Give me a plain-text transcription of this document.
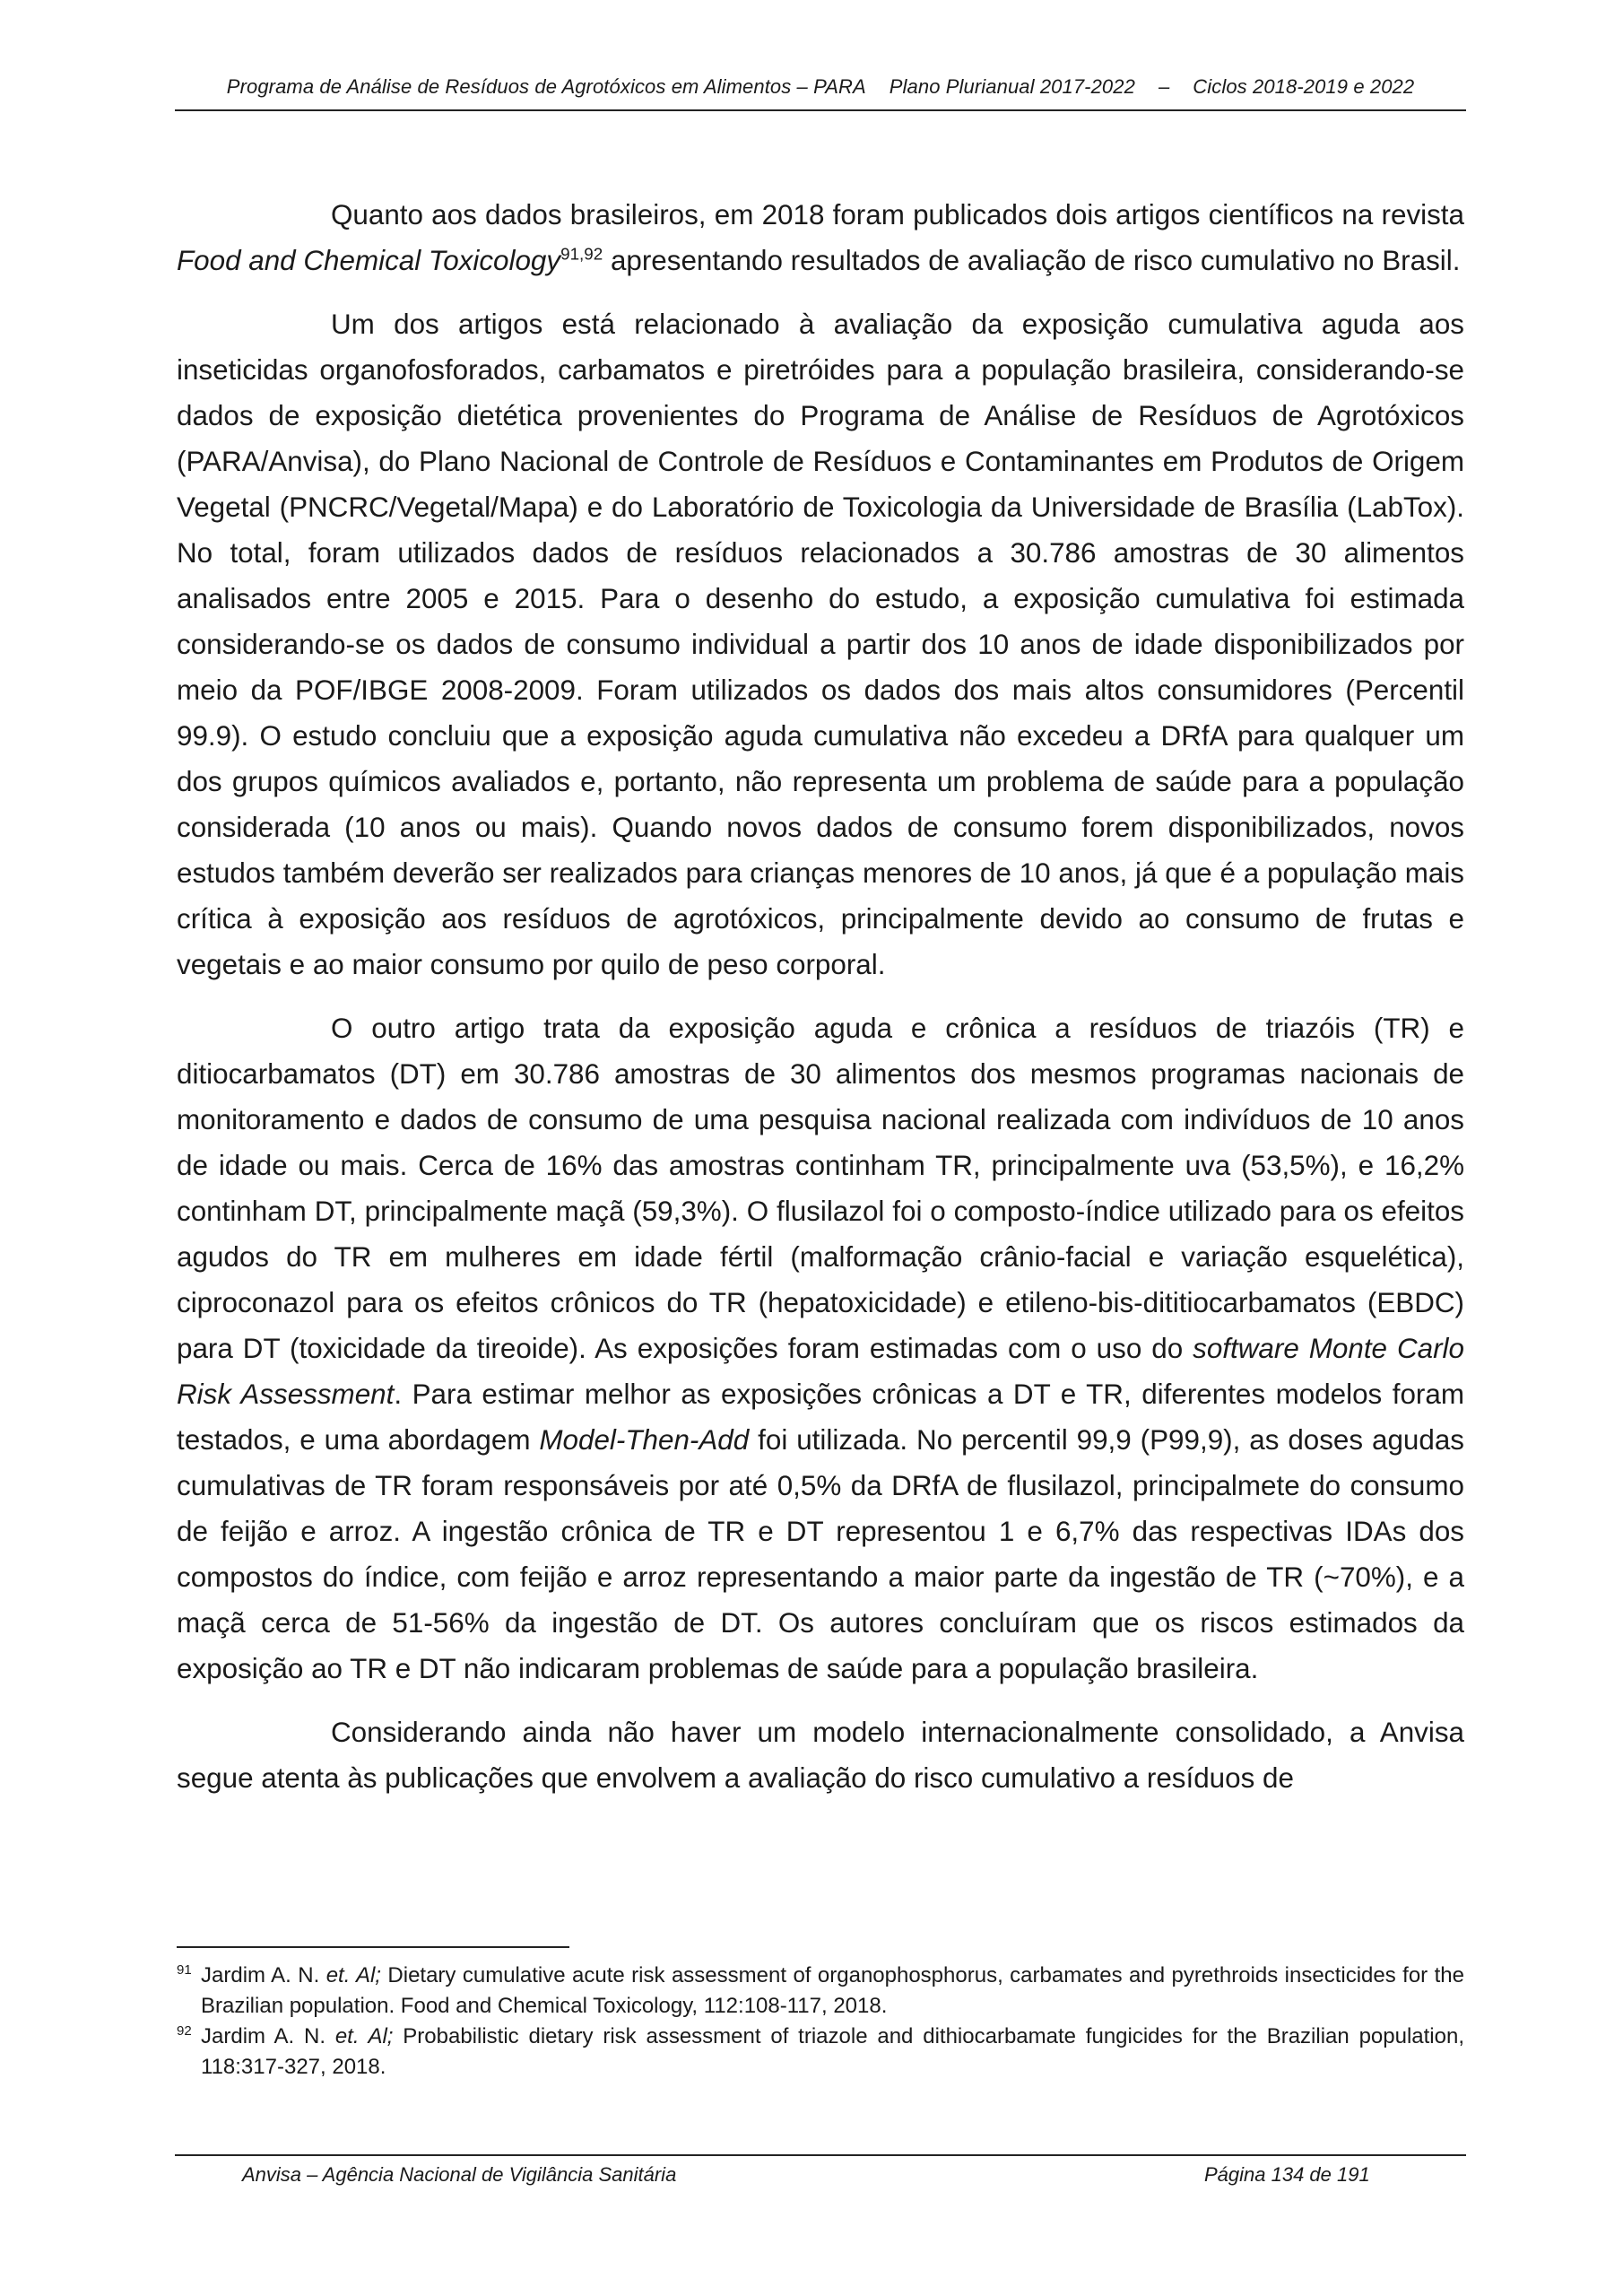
Programa de Análise de Resíduos de Agrotóxicos em Alimentos – PARA Plano Plurianual 2017-2022 – Ciclos 2018-2019 e 2022

Quanto aos dados brasileiros, em 2018 foram publicados dois artigos científicos na revista Food and Chemical Toxicology$^{91,92}$ apresentando resultados de avaliação de risco cumulativo no Brasil.

Um dos artigos está relacionado à avaliação da exposição cumulativa aguda aos inseticidas organofosforados, carbamatos e piretróides para a população brasileira, considerando-se dados de exposição dietética provenientes do Programa de Análise de Resíduos de Agrotóxicos (PARA/Anvisa), do Plano Nacional de Controle de Resíduos e Contaminantes em Produtos de Origem Vegetal (PNCRC/Vegetal/Mapa) e do Laboratório de Toxicologia da Universidade de Brasília (LabTox). No total, foram utilizados dados de resíduos relacionados a 30.786 amostras de 30 alimentos analisados entre 2005 e 2015. Para o desenho do estudo, a exposição cumulativa foi estimada considerando-se os dados de consumo individual a partir dos 10 anos de idade disponibilizados por meio da POF/IBGE 2008-2009. Foram utilizados os dados dos mais altos consumidores (Percentil 99.9). O estudo concluiu que a exposição aguda cumulativa não excedeu a DRfA para qualquer um dos grupos químicos avaliados e, portanto, não representa um problema de saúde para a população considerada (10 anos ou mais). Quando novos dados de consumo forem disponibilizados, novos estudos também deverão ser realizados para crianças menores de 10 anos, já que é a população mais crítica à exposição aos resíduos de agrotóxicos, principalmente devido ao consumo de frutas e vegetais e ao maior consumo por quilo de peso corporal.

O outro artigo trata da exposição aguda e crônica a resíduos de triazóis (TR) e ditiocarbamatos (DT) em 30.786 amostras de 30 alimentos dos mesmos programas nacionais de monitoramento e dados de consumo de uma pesquisa nacional realizada com indivíduos de 10 anos de idade ou mais. Cerca de 16% das amostras continham TR, principalmente uva (53,5%), e 16,2% continham DT, principalmente maçã (59,3%). O flusilazol foi o composto-índice utilizado para os efeitos agudos do TR em mulheres em idade fértil (malformação crânio-facial e variação esquelética), ciproconazol para os efeitos crônicos do TR (hepatoxicidade) e etileno-bis-dititiocarbamatos (EBDC) para DT (toxicidade da tireoide). As exposições foram estimadas com o uso do software Monte Carlo Risk Assessment. Para estimar melhor as exposições crônicas a DT e TR, diferentes modelos foram testados, e uma abordagem Model-Then-Add foi utilizada. No percentil 99,9 (P99,9), as doses agudas cumulativas de TR foram responsáveis por até 0,5% da DRfA de flusilazol, principalmete do consumo de feijão e arroz. A ingestão crônica de TR e DT representou 1 e 6,7% das respectivas IDAs dos compostos do índice, com feijão e arroz representando a maior parte da ingestão de TR (~70%), e a maçã cerca de 51-56% da ingestão de DT. Os autores concluíram que os riscos estimados da exposição ao TR e DT não indicaram problemas de saúde para a população brasileira.

Considerando ainda não haver um modelo internacionalmente consolidado, a Anvisa segue atenta às publicações que envolvem a avaliação do risco cumulativo a resíduos de

91 Jardim A. N. et. Al; Dietary cumulative acute risk assessment of organophosphorus, carbamates and pyrethroids insecticides for the Brazilian population. Food and Chemical Toxicology, 112:108-117, 2018.
92 Jardim A. N. et. Al; Probabilistic dietary risk assessment of triazole and dithiocarbamate fungicides for the Brazilian population, 118:317-327, 2018.
Anvisa – Agência Nacional de Vigilância Sanitária	Página 134 de 191
